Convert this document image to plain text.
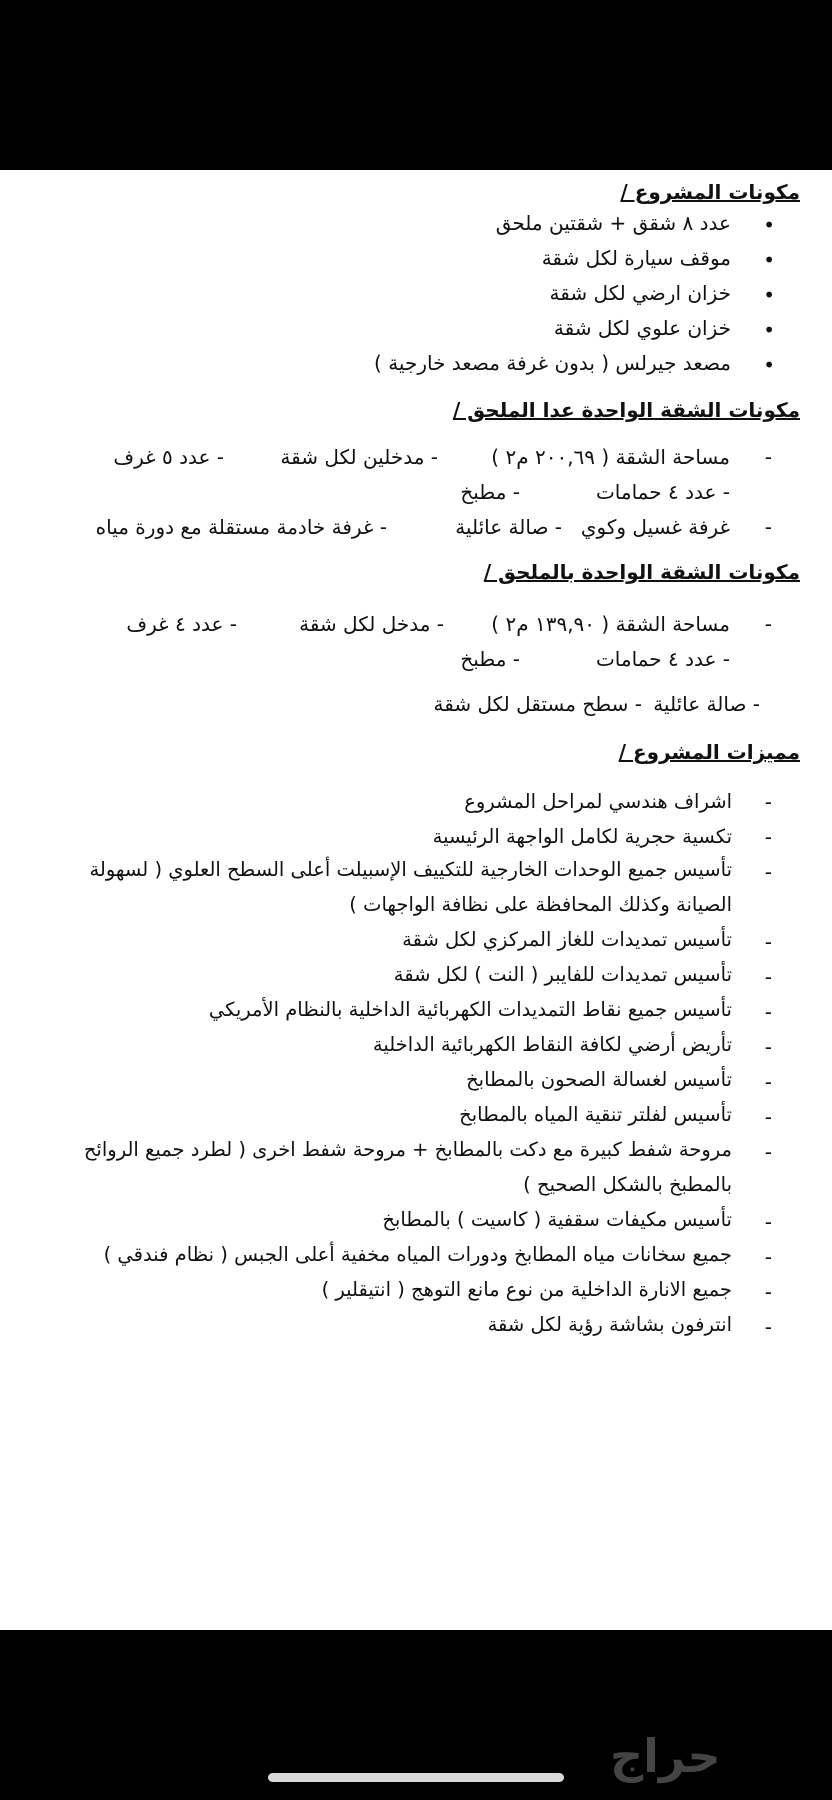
مكونات المشروع /
•
عدد ٨ شقق + شقتين ملحق
•
موقف سيارة لكل شقة
•
خزان ارضي لكل شقة
•
خزان علوي لكل شقة
•
مصعد جيرلس ( بدون غرفة مصعد خارجية )
مكونات الشقة الواحدة عدا الملحق /
-
مساحة الشقة ( ٢٠٠,٦٩ م٢ )
- مدخلين لكل شقة
- عدد ٥ غرف
- عدد ٤ حمامات
- مطبخ
-
غرفة غسيل وكوي
- صالة عائلية
- غرفة خادمة مستقلة مع دورة مياه
مكونات الشقة الواحدة بالملحق /
-
مساحة الشقة ( ١٣٩,٩٠ م٢ )
- مدخل لكل شقة
- عدد ٤ غرف
- عدد ٤ حمامات
- مطبخ
- صالة عائلية
- سطح مستقل لكل شقة
مميزات المشروع /
-
اشراف هندسي لمراحل المشروع
-
تكسية حجرية لكامل الواجهة الرئيسية
-
تأسيس جميع الوحدات الخارجية للتكييف الإسبيلت أعلى السطح العلوي ( لسهولة
الصيانة وكذلك المحافظة على نظافة الواجهات )
-
تأسيس تمديدات للغاز المركزي لكل شقة
-
تأسيس تمديدات للفايبر ( النت ) لكل شقة
-
تأسيس جميع نقاط التمديدات الكهربائية الداخلية بالنظام الأمريكي
-
تأريض أرضي لكافة النقاط الكهربائية الداخلية
-
تأسيس لغسالة الصحون بالمطابخ
-
تأسيس لفلتر تنقية المياه بالمطابخ
-
مروحة شفط كبيرة مع دكت بالمطابخ + مروحة شفط اخرى ( لطرد جميع الروائح
بالمطبخ بالشكل الصحيح )
-
تأسيس مكيفات سقفية ( كاسيت ) بالمطابخ
-
جميع سخانات مياه المطابخ ودورات المياه مخفية أعلى الجبس ( نظام فندقي )
-
جميع الانارة الداخلية من نوع مانع التوهج ( انتيقلير )
-
انترفون بشاشة رؤية لكل شقة
حراج
